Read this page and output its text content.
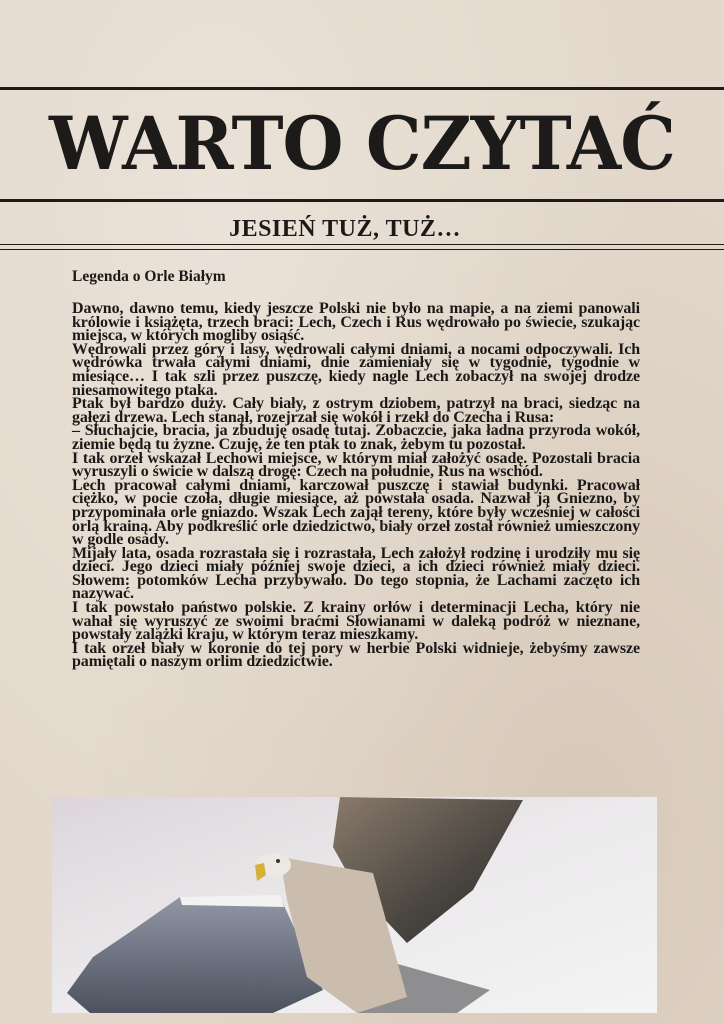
WARTO CZYTAĆ
JESIEŃ TUŻ, TUŻ…
Legenda o Orle Białym

Dawno, dawno temu, kiedy jeszcze Polski nie było na mapie, a na ziemi panowali królowie i książęta, trzech braci: Lech, Czech i Rus wędrowało po świecie, szukając miejsca, w których mogliby osiąść.

Wędrowali przez góry i lasy, wędrowali całymi dniami, a nocami odpoczywali. Ich wędrówka trwała całymi dniami, dnie zamieniały się w tygodnie, tygodnie w miesiące… I tak szli przez puszczę, kiedy nagle Lech zobaczył na swojej drodze niesamowitego ptaka.

Ptak był bardzo duży. Cały biały, z ostrym dziobem, patrzył na braci, siedząc na gałęzi drzewa. Lech stanął, rozejrzał się wokół i rzekł do Czecha i Rusa:

– Słuchajcie, bracia, ja zbuduję osadę tutaj. Zobaczcie, jaka ładna przyroda wokół, ziemie będą tu żyzne. Czuję, że ten ptak to znak, żebym tu pozostał.

I tak orzeł wskazał Lechowi miejsce, w którym miał założyć osadę. Pozostali bracia wyruszyli o świcie w dalszą drogę: Czech na południe, Rus na wschód.

Lech pracował całymi dniami, karczował puszczę i stawiał budynki. Pracował ciężko, w pocie czoła, długie miesiące, aż powstała osada. Nazwał ją Gniezno, by przypominała orle gniazdo. Wszak Lech zajął tereny, które były wcześniej w całości orlą krainą. Aby podkreślić orle dziedzictwo, biały orzeł został również umieszczony w godle osady.

Mijały lata, osada rozrastała się i rozrastała, Lech założył rodzinę i urodziły mu się dzieci. Jego dzieci miały później swoje dzieci, a ich dzieci również miały dzieci. Słowem: potomków Lecha przybywało. Do tego stopnia, że Lachami zaczęto ich nazywać.

I tak powstało państwo polskie. Z krainy orłów i determinacji Lecha, który nie wahał się wyruszyć ze swoimi braćmi Słowianami w daleką podróż w nieznane, powstały zalążki kraju, w którym teraz mieszkamy.

I tak orzeł biały w koronie do tej pory w herbie Polski widnieje, żebyśmy zawsze pamiętali o naszym orlim dziedzictwie.
